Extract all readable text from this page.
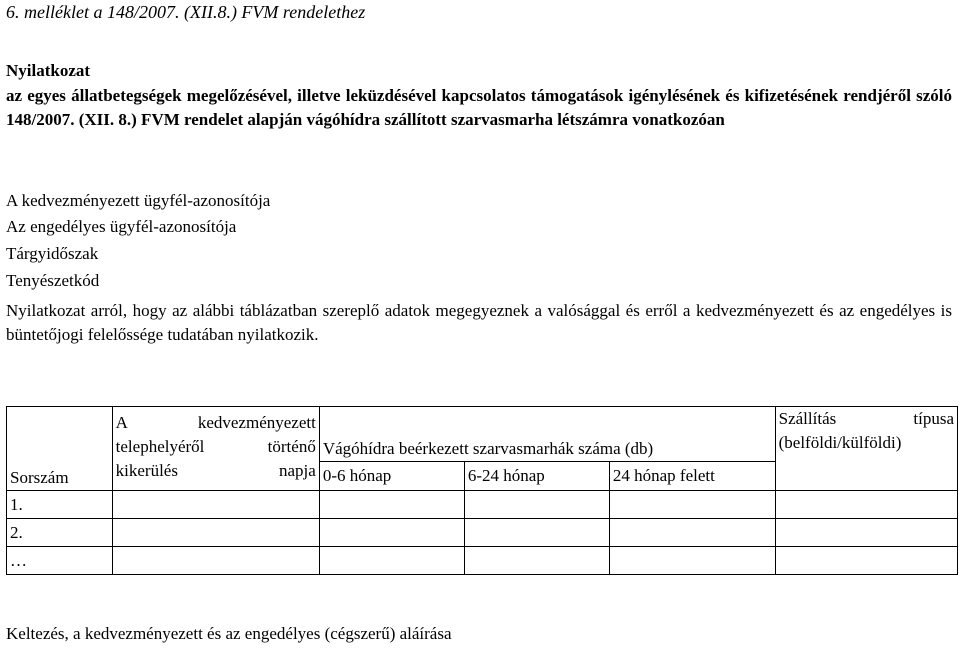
6. melléklet a 148/2007. (XII.8.) FVM rendelethez
Nyilatkozat
az egyes állatbetegségek megelőzésével, illetve leküzdésével kapcsolatos támogatások igénylésének és kifizetésének rendjéről szóló 148/2007. (XII. 8.) FVM rendelet alapján vágóhídra szállított szarvasmarha létszámra vonatkozóan
A kedvezményezett ügyfél-azonosítója
Az engedélyes ügyfél-azonosítója
Tárgyidőszak
Tenyészetkód
Nyilatkozat arról, hogy az alábbi táblázatban szereplő adatok megegyeznek a valósággal és erről a kedvezményezett és az engedélyes is büntetőjogi felelőssége tudatában nyilatkozik.
Sorszám	A kedvezményezett telephelyéről történő kikerülés napja	Vágóhídra beérkezett szarvasmarhák száma (db)			Szállítás típusa (belföldi/külföldi)

		0-6 hónap	6-24 hónap	24 hónap felett	
1.					
2.					
…					
Keltezés, a kedvezményezett és az engedélyes (cégszerű) aláírása
